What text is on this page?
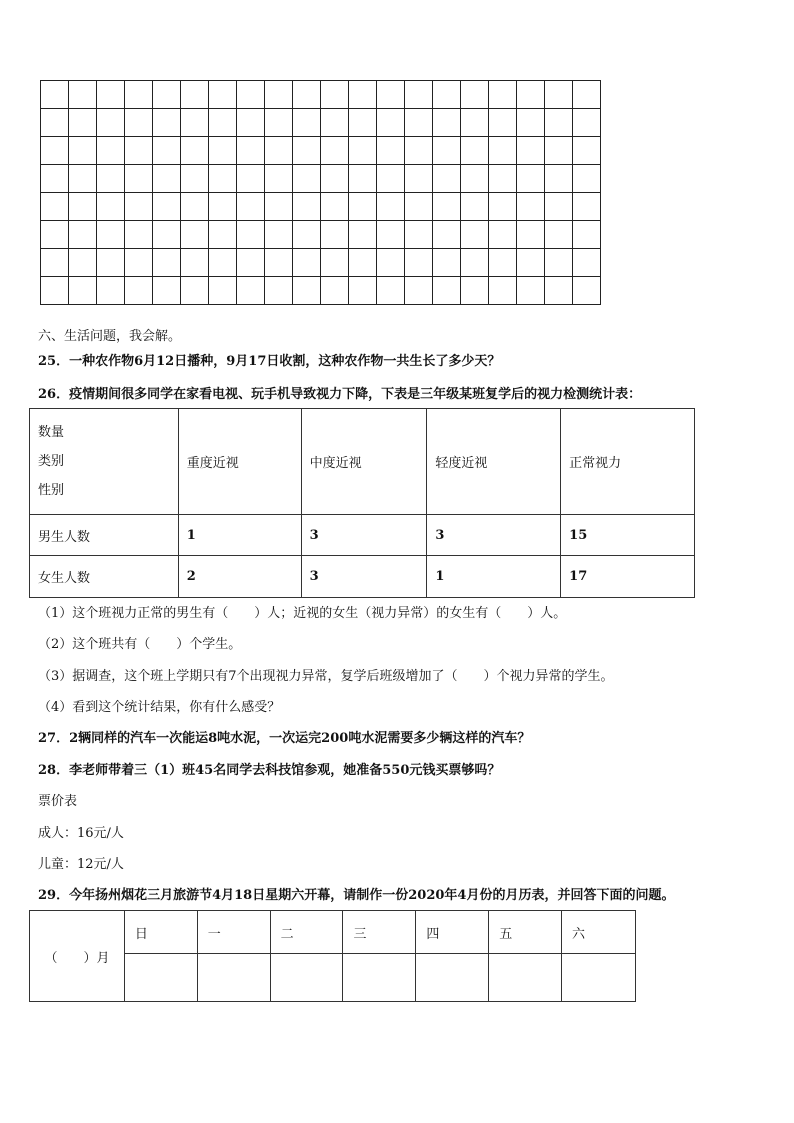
六、生活问题，我会解。
25．一种农作物6月12日播种，9月17日收割，这种农作物一共生长了多少天？
26．疫情期间很多同学在家看电视、玩手机导致视力下降，下表是三年级某班复学后的视力检测统计表：
数量
类别
性别	重度近视	中度近视	轻度近视	正常视力
男生人数	1	3	3	15
女生人数	2	3	1	17
（1）这个班视力正常的男生有（　　）人；近视的女生（视力异常）的女生有（　　）人。
（2）这个班共有（　　）个学生。
（3）据调查，这个班上学期只有7个出现视力异常，复学后班级增加了（　　）个视力异常的学生。
（4）看到这个统计结果，你有什么感受？
27．2辆同样的汽车一次能运8吨水泥，一次运完200吨水泥需要多少辆这样的汽车？
28．李老师带着三（1）班45名同学去科技馆参观，她准备550元钱买票够吗？
票价表
成人：16元/人
儿童：12元/人
29．今年扬州烟花三月旅游节4月18日星期六开幕，请制作一份2020年4月份的月历表，并回答下面的问题。
（　　）月	日	一	二	三	四	五	六
